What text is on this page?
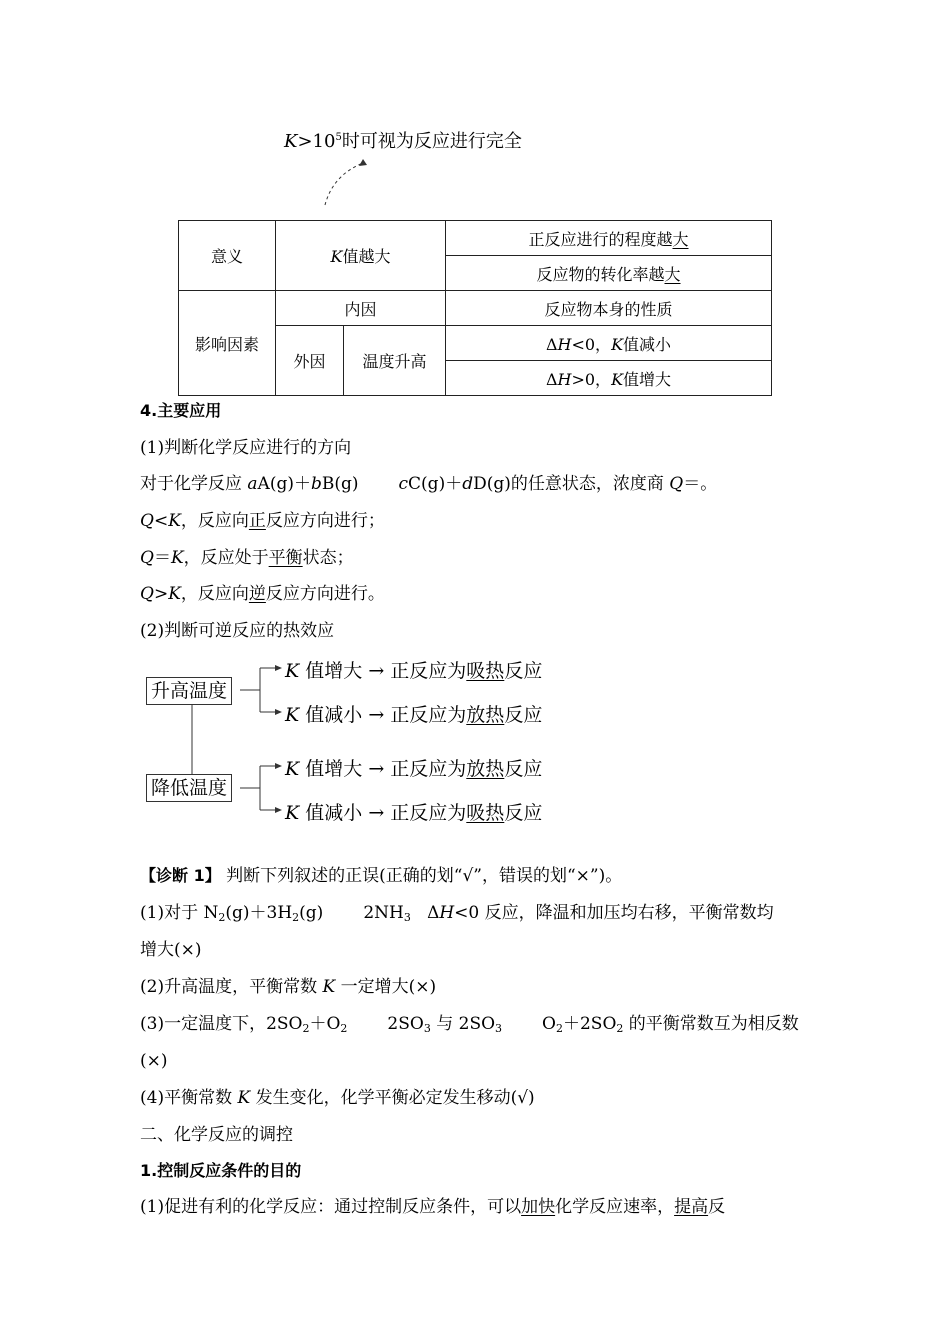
$K>10^5$时可视为反应进行完全
意义	K值越大		正反应进行的程度越大
			反应物的转化率越大
影响因素	内因		反应物本身的性质
	外因	温度升高	ΔH<0，K值减小
			ΔH>0，K值增大
4.主要应用
(1)判断化学反应进行的方向
对于化学反应 aA(g)＋bB(g) cC(g)＋dD(g)的任意状态，浓度商 Q＝。
Q<K，反应向正反应方向进行；
Q＝K，反应处于平衡状态；
Q>K，反应向逆反应方向进行。
(2)判断可逆反应的热效应
升高温度
降低温度
K 值增大 → 正反应为吸热反应
K 值减小 → 正反应为放热反应
K 值增大 → 正反应为放热反应
K 值减小 → 正反应为吸热反应
【诊断 1】 判断下列叙述的正误(正确的划“√”，错误的划“×”)。
(1)对于 $N_2(g)+3H_2(g)$ $2NH_3$ ΔH<0 反应，降温和加压均右移，平衡常数均
增大(×)
(2)升高温度，平衡常数 K 一定增大(×)
(3)一定温度下，$2SO_2+O_2$ $2SO_3$ 与 $2SO_3$ $O_2+2SO_2$ 的平衡常数互为相反数
(×)
(4)平衡常数 K 发生变化，化学平衡必定发生移动(√)
二、化学反应的调控
1.控制反应条件的目的
(1)促进有利的化学反应：通过控制反应条件，可以加快化学反应速率，提高反
